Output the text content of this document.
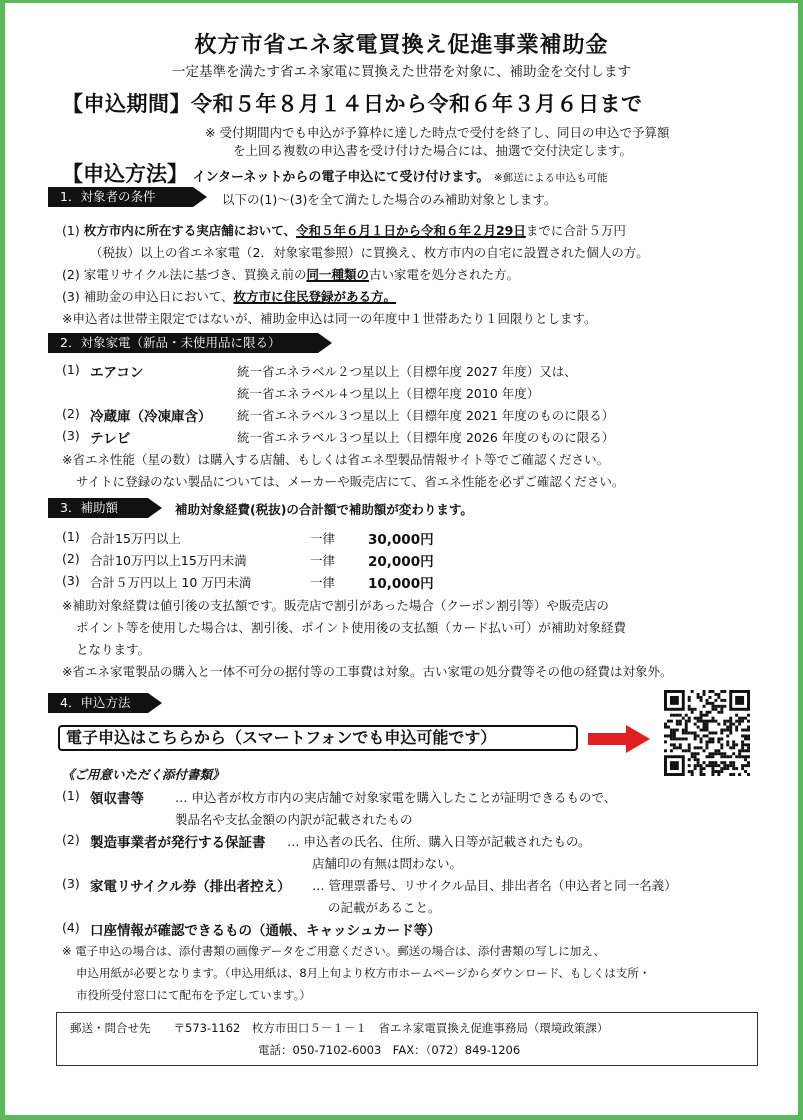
枚方市省エネ家電買換え促進事業補助金
一定基準を満たす省エネ家電に買換えた世帯を対象に、補助金を交付します
【申込期間】令和５年８月１４日から令和６年３月６日まで
※ 受付期間内でも申込が予算枠に達した時点で受付を終了し、同日の申込で予算額
を上回る複数の申込書を受け付けた場合には、抽選で交付決定します。
【申込方法】 インターネットからの電子申込にて受け付けます。 ※郵送による申込も可能
1．対象者の条件	以下の(1)～(3)を全て満たした場合のみ補助対象とします。
(1) 枚方市内に所在する実店舗において、令和５年６月１日から令和６年２月29日までに合計５万円
（税抜）以上の省エネ家電（2．対象家電参照）に買換え、枚方市内の自宅に設置された個人の方。
(2) 家電リサイクル法に基づき、買換え前の同一種類の古い家電を処分された方。
(3) 補助金の申込日において、枚方市に住民登録がある方。
※申込者は世帯主限定ではないが、補助金申込は同一の年度中１世帯あたり１回限りとします。
2．対象家電（新品・未使用品に限る）
(1) エアコン	統一省エネラベル２つ星以上（目標年度 2027 年度）又は、
統一省エネラベル４つ星以上（目標年度 2010 年度）
(2) 冷蔵庫（冷凍庫含） 統一省エネラベル３つ星以上（目標年度 2021 年度のものに限る）
(3) テレビ	統一省エネラベル３つ星以上（目標年度 2026 年度のものに限る）
※省エネ性能（星の数）は購入する店舗、もしくは省エネ型製品情報サイト等でご確認ください。
サイトに登録のない製品については、メーカーや販売店にて、省エネ性能を必ずご確認ください。
3．補助額	補助対象経費(税抜)の合計額で補助額が変わります。
(1) 合計15万円以上	一律 30,000円
(2) 合計10万円以上15万円未満	一律 20,000円
(3) 合計５万円以上 10 万円未満	一律 10,000円
※補助対象経費は値引後の支払額です。販売店で割引があった場合（クーポン割引等）や販売店の
ポイント等を使用した場合は、割引後、ポイント使用後の支払額（カード払い可）が補助対象経費
となります。
※省エネ家電製品の購入と一体不可分の据付等の工事費は対象。古い家電の処分費等その他の経費は対象外。
4．申込方法
電子申込はこちらから（スマートフォンでも申込可能です）
《ご用意いただく添付書類》
(1) 領収書等 … 申込者が枚方市内の実店舗で対象家電を購入したことが証明できるもので、
製品名や支払金額の内訳が記載されたもの
(2) 製造事業者が発行する保証書 … 申込者の氏名、住所、購入日等が記載されたもの。
店舗印の有無は問わない。
(3) 家電リサイクル券（排出者控え） … 管理票番号、リサイクル品目、排出者名（申込者と同一名義）
の記載があること。
(4) 口座情報が確認できるもの（通帳、キャッシュカード等）
※ 電子申込の場合は、添付書類の画像データをご用意ください。郵送の場合は、添付書類の写しに加え、
申込用紙が必要となります。（申込用紙は、8月上旬より枚方市ホームページからダウンロード、もしくは支所・
市役所受付窓口にて配布を予定しています。）
郵送・問合せ先　　〒573-1162　枚方市田口５－１－１　省エネ家電買換え促進事務局（環境政策課）
電話：050-7102-6003　FAX：（072）849-1206
